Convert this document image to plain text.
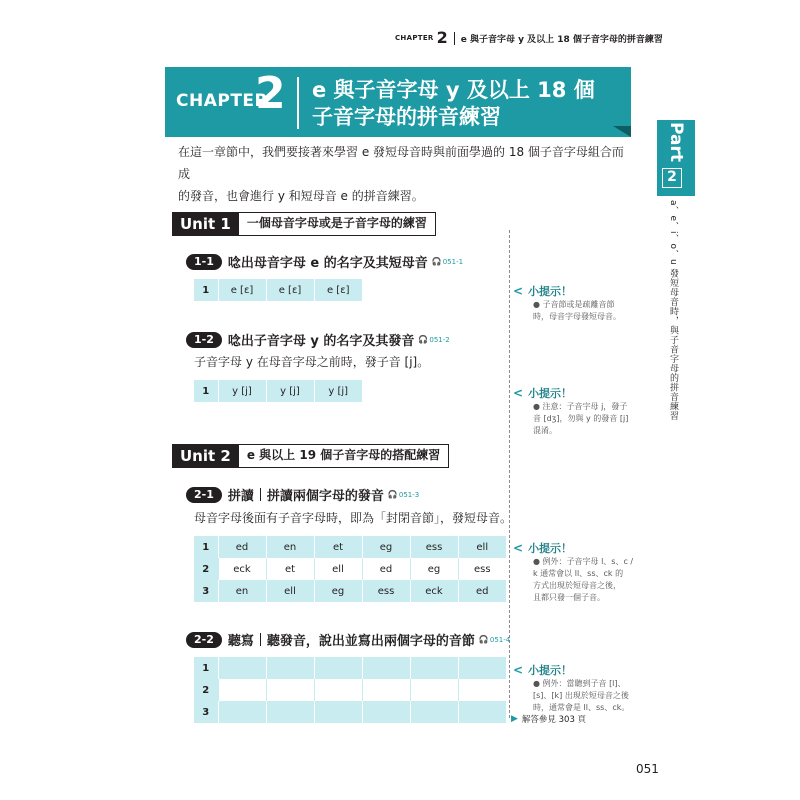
CHAPTER 2 e 與子音字母 y 及以上 18 個子音字母的拼音練習
CHAPTER
2 e 與子音字母 y 及以上 18 個
子音字母的拼音練習
Part
2
a、e、i、o、u 發短母音時，與子音字母的拼音練習
在這一章節中，我們要接著來學習 e 發短母音時與前面學過的 18 個子音字母組合而成
的發音，也會進行 y 和短母音 e 的拼音練習。
Unit 1	一個母音字母或是子音字母的練習
1-1	唸出母音字母 e 的名字及其短母音 🎧 051-1
1	e [ɛ]	e [ɛ]	e [ɛ]
1-2	唸出子音字母 y 的名字及其發音 🎧 051-2
子音字母 y 在母音字母之前時，發子音 [j]。
1	y [j]	y [j]	y [j]
Unit 2	e 與以上 19 個子音字母的搭配練習
2-1	拼讀 拼讀兩個字母的發音 🎧 051-3
母音字母後面有子音字母時，即為「封閉音節」，發短母音。
1	ed	en	et	eg	ess	ell
2	eck	et	ell	ed	eg	ess
3	en	ell	eg	ess	eck	ed
2-2	聽寫 聽發音，說出並寫出兩個字母的音節 🎧 051-4
1						
2						
3						
< 小提示！
● 子音節或是疏離音節
時，母音字母發短母音。
< 小提示！
● 注意：子音字母 j，發子
音 [dʒ]，勿與 y 的發音 [j]
混淆。
< 小提示！
● 例外：子音字母 l、s、c /
k 通常會以 ll、ss、ck 的
方式出現於短母音之後，
且都只發一個子音。
< 小提示！
● 例外：當聽到子音 [l]、
[s]、[k] 出現於短母音之後
時，通常會是 ll、ss、ck。
▶ 解答參見 303 頁
051
